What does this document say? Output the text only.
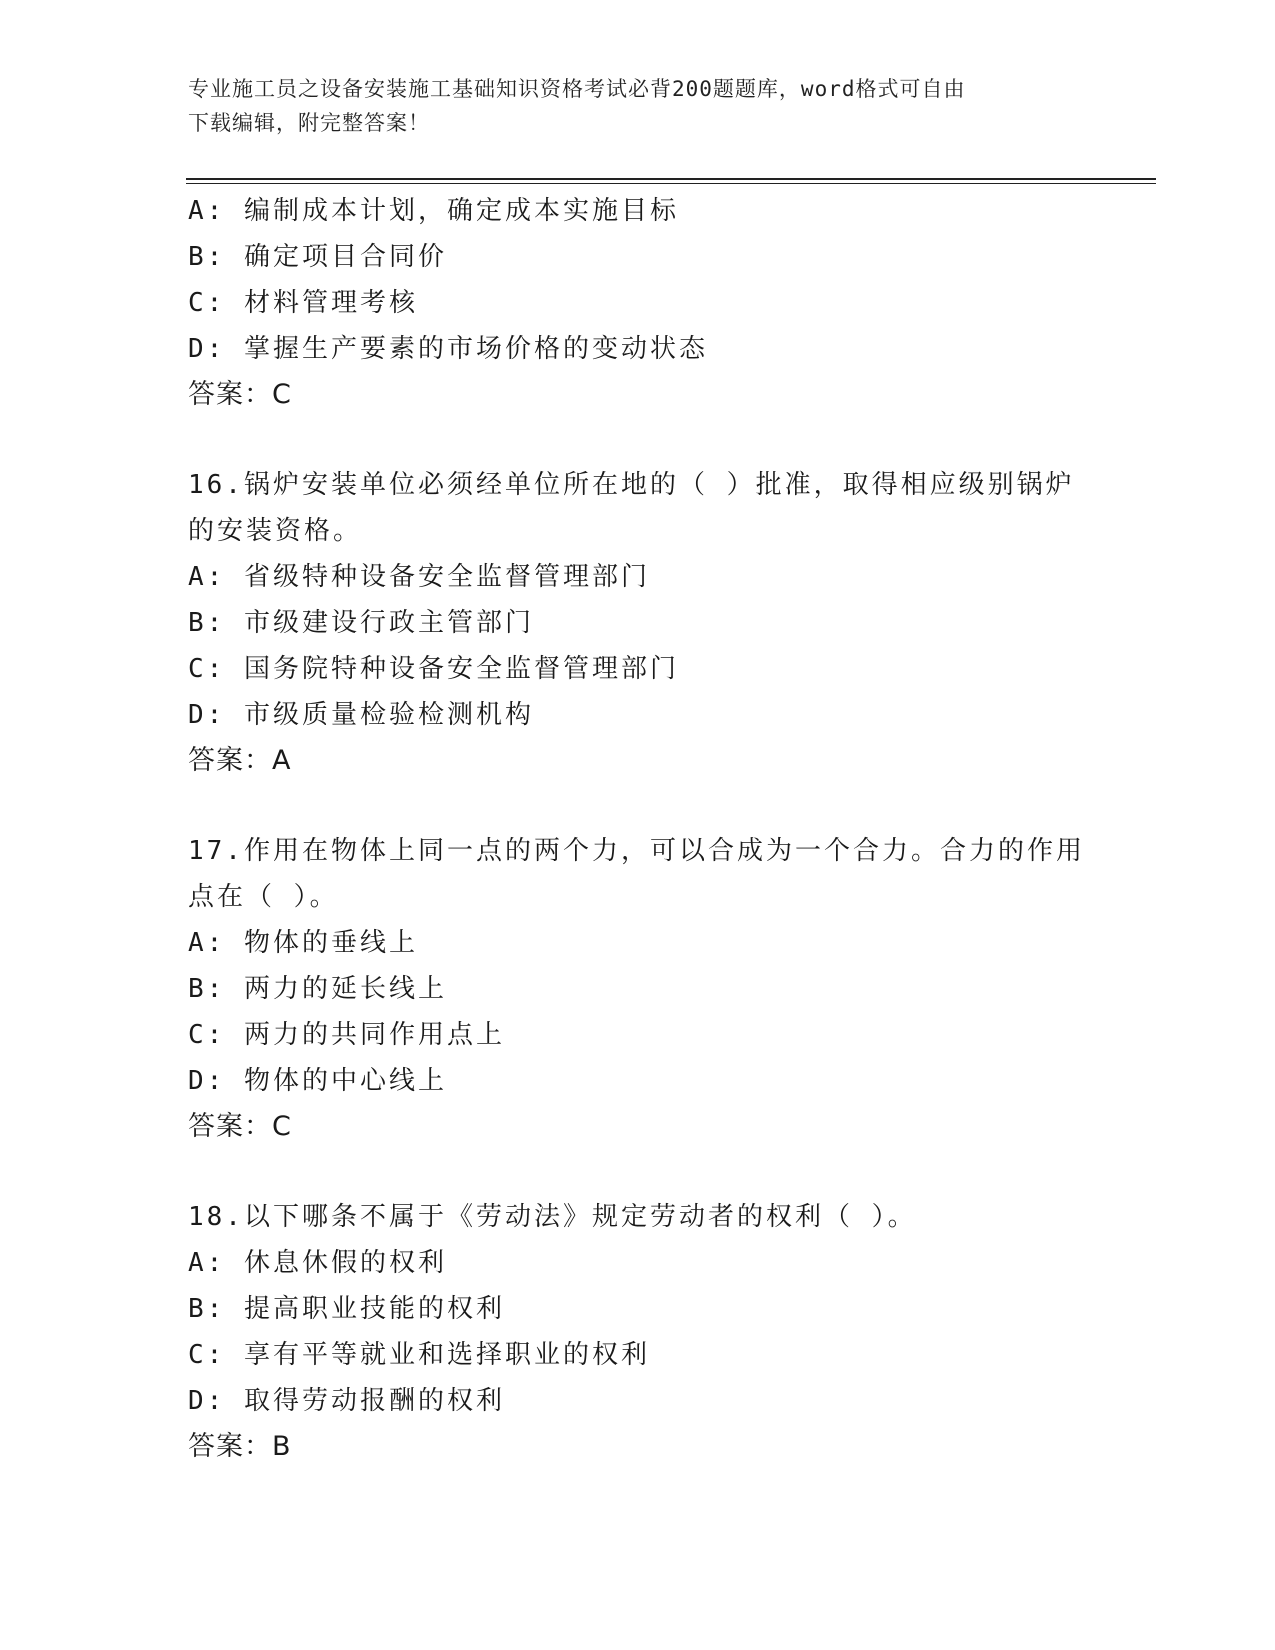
专业施工员之设备安装施工基础知识资格考试必背200题题库，word格式可自由
下载编辑，附完整答案！
A: 编制成本计划，确定成本实施目标
B: 确定项目合同价
C: 材料管理考核
D: 掌握生产要素的市场价格的变动状态
答案：C
16.锅炉安装单位必须经单位所在地的（ ）批准，取得相应级别锅炉
的安装资格。
A: 省级特种设备安全监督管理部门
B: 市级建设行政主管部门
C: 国务院特种设备安全监督管理部门
D: 市级质量检验检测机构
答案：A
17.作用在物体上同一点的两个力，可以合成为一个合力。合力的作用
点在（ ）。
A: 物体的垂线上
B: 两力的延长线上
C: 两力的共同作用点上
D: 物体的中心线上
答案：C
18.以下哪条不属于《劳动法》规定劳动者的权利（ ）。
A: 休息休假的权利
B: 提高职业技能的权利
C: 享有平等就业和选择职业的权利
D: 取得劳动报酬的权利
答案：B
